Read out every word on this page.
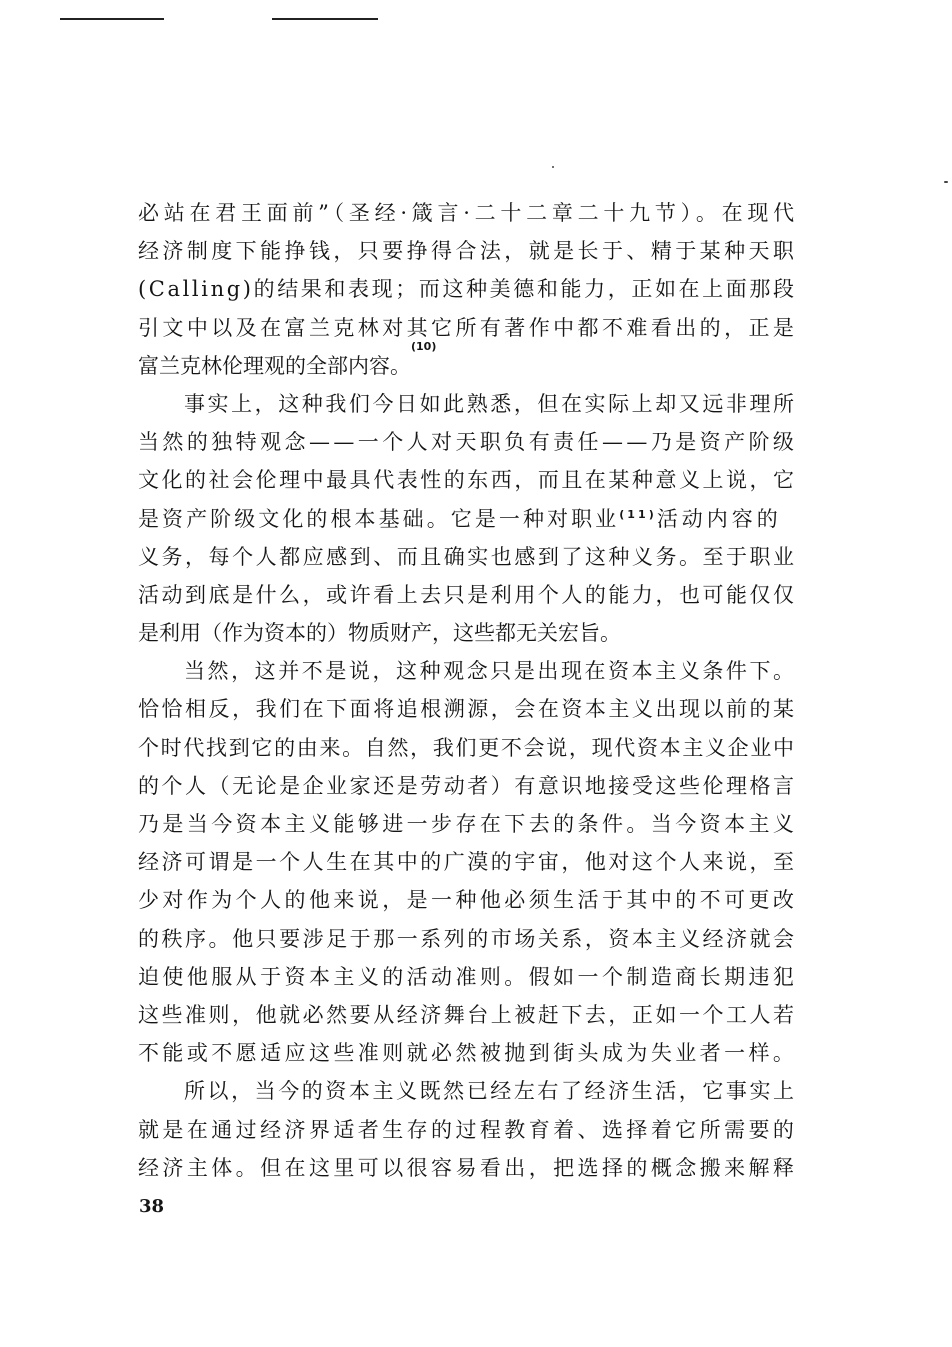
必站在君王面前”（圣经·箴言·二十二章二十九节）。在现代
经济制度下能挣钱，只要挣得合法，就是长于、精于某种天职
(Calling)的结果和表现；而这种美德和能力，正如在上面那段
引文中以及在富兰克林对其它所有著作中都不难看出的，正是
富兰克林伦理观的全部内容。
(10)
事实上，这种我们今日如此熟悉，但在实际上却又远非理所
当然的独特观念——一个人对天职负有责任——乃是资产阶级
文化的社会伦理中最具代表性的东西，而且在某种意义上说，它
是资产阶级文化的根本基础。它是一种对职业$^{(11)}$活动内容的
义务，每个人都应感到、而且确实也感到了这种义务。至于职业
活动到底是什么，或许看上去只是利用个人的能力，也可能仅仅
是利用（作为资本的）物质财产，这些都无关宏旨。
当然，这并不是说，这种观念只是出现在资本主义条件下。
恰恰相反，我们在下面将追根溯源，会在资本主义出现以前的某
个时代找到它的由来。自然，我们更不会说，现代资本主义企业中
的个人（无论是企业家还是劳动者）有意识地接受这些伦理格言
乃是当今资本主义能够进一步存在下去的条件。当今资本主义
经济可谓是一个人生在其中的广漠的宇宙，他对这个人来说，至
少对作为个人的他来说，是一种他必须生活于其中的不可更改
的秩序。他只要涉足于那一系列的市场关系，资本主义经济就会
迫使他服从于资本主义的活动准则。假如一个制造商长期违犯
这些准则，他就必然要从经济舞台上被赶下去，正如一个工人若
不能或不愿适应这些准则就必然被抛到街头成为失业者一样。
所以，当今的资本主义既然已经左右了经济生活，它事实上
就是在通过经济界适者生存的过程教育着、选择着它所需要的
经济主体。但在这里可以很容易看出，把选择的概念搬来解释
38
